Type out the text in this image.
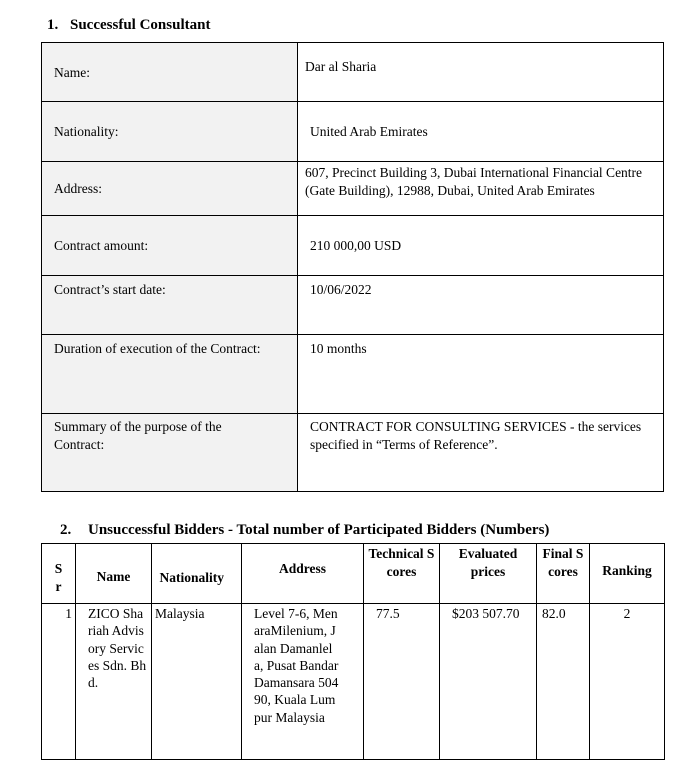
1. Successful Consultant
Name:	Dar al Sharia

Nationality:	United Arab Emirates

Address:	607, Precinct Building 3, Dubai International Financial Centre (Gate Building), 12988, Dubai, United Arab Emirates

Contract amount:	210 000,00 USD

Contract’s start date:	10/06/2022

Duration of execution of the Contract:	10 months

Summary of the purpose of the Contract:	CONTRACT FOR CONSULTING SERVICES - the services specified in “Terms of Reference”.
2. Unsuccessful Bidders - Total number of Participated Bidders (Numbers)
Sr	Name	Nationality	Address	Technical Scores	Evaluated prices	Final Scores	Ranking

1	ZICO Shariah Advisory Services Sdn. Bhd.	Malaysia	Level 7-6, MenaraMilenium, Jalan Damanlela, Pusat Bandar Damansara 50490, Kuala Lumpur Malaysia	77.5	$203 507.70	82.0	2
